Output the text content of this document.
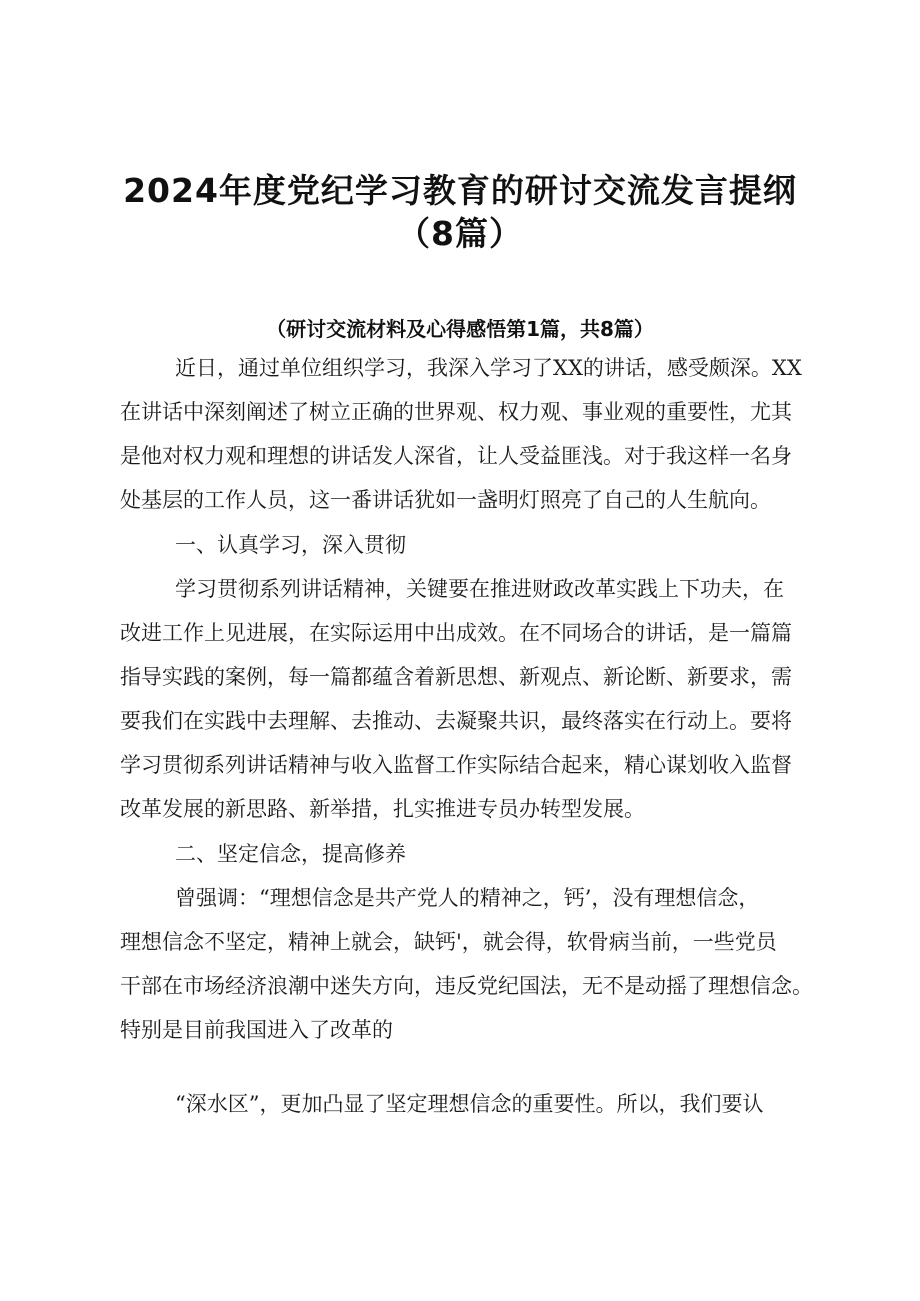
2024年度党纪学习教育的研讨交流发言提纲
（8篇）

（研讨交流材料及心得感悟第1篇，共8篇）

近日，通过单位组织学习，我深入学习了XX的讲话，感受颇深。XX

在讲话中深刻阐述了树立正确的世界观、权力观、事业观的重要性，尤其

是他对权力观和理想的讲话发人深省，让人受益匪浅。对于我这样一名身

处基层的工作人员，这一番讲话犹如一盏明灯照亮了自己的人生航向。

一、认真学习，深入贯彻

学习贯彻系列讲话精神，关键要在推进财政改革实践上下功夫，在

改进工作上见进展，在实际运用中出成效。在不同场合的讲话，是一篇篇

指导实践的案例，每一篇都蕴含着新思想、新观点、新论断、新要求，需

要我们在实践中去理解、去推动、去凝聚共识，最终落实在行动上。要将

学习贯彻系列讲话精神与收入监督工作实际结合起来，精心谋划收入监督

改革发展的新思路、新举措，扎实推进专员办转型发展。

二、坚定信念，提高修养

曾强调：“理想信念是共产党人的精神之，钙’，没有理想信念，

理想信念不坚定，精神上就会，缺钙'，就会得，软骨病当前，一些党员

干部在市场经济浪潮中迷失方向，违反党纪国法，无不是动摇了理想信念。

特别是目前我国进入了改革的

“深水区”，更加凸显了坚定理想信念的重要性。所以，我们要认
